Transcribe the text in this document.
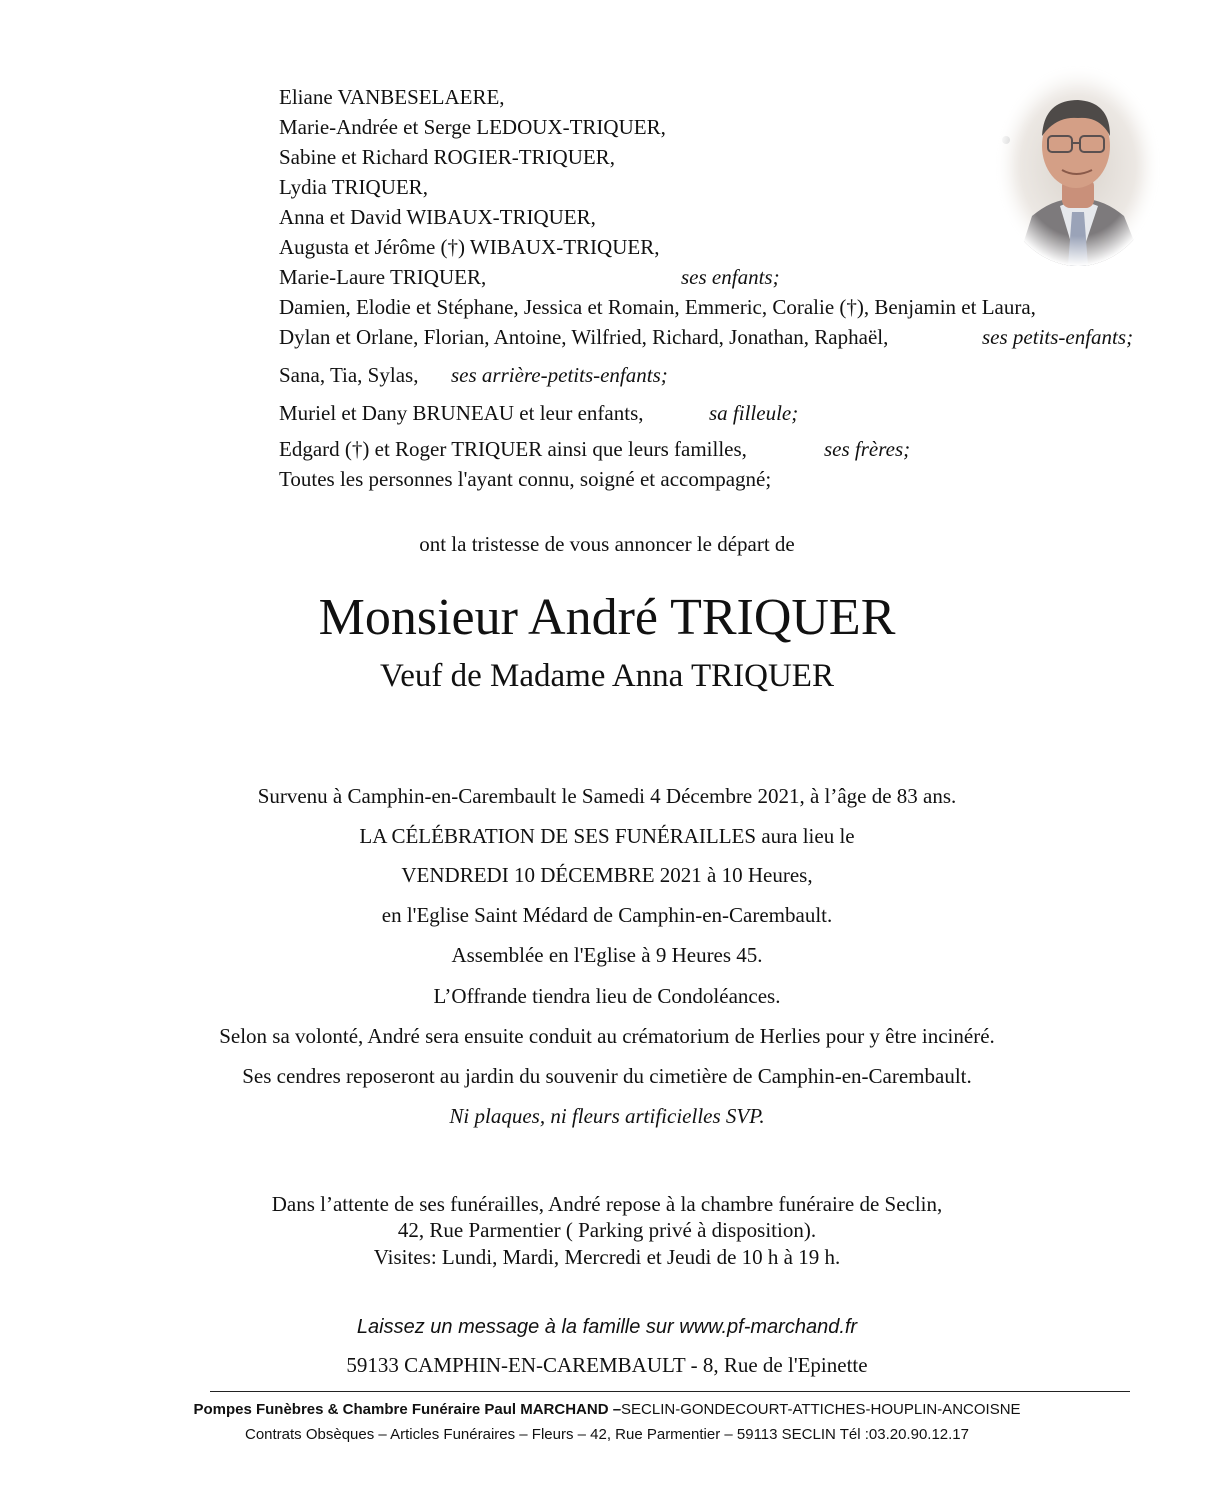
Eliane VANBESELAERE,
Marie-Andrée et Serge LEDOUX-TRIQUER,
Sabine et Richard ROGIER-TRIQUER,
Lydia TRIQUER,
Anna et David WIBAUX-TRIQUER,
Augusta et Jérôme (†) WIBAUX-TRIQUER,
Marie-Laure TRIQUER,	ses enfants;
Damien, Elodie et Stéphane, Jessica et Romain, Emmeric, Coralie (†), Benjamin et Laura,
Dylan et Orlane, Florian, Antoine, Wilfried, Richard, Jonathan, Raphaël,	ses petits-enfants;
Sana, Tia, Sylas, ses arrière-petits-enfants;
Muriel et Dany BRUNEAU et leur enfants,	sa filleule;
Edgard (†) et Roger TRIQUER ainsi que leurs familles,	ses frères;
Toutes les personnes l'ayant connu, soigné et accompagné;
ont la tristesse de vous annoncer le départ de
Monsieur André TRIQUER
Veuf de Madame Anna TRIQUER
Survenu à Camphin-en-Carembault le Samedi 4 Décembre 2021, à l’âge de 83 ans.
LA CÉLÉBRATION DE SES FUNÉRAILLES aura lieu le
VENDREDI 10 DÉCEMBRE 2021 à 10 Heures,
en l'Eglise Saint Médard de Camphin-en-Carembault.
Assemblée en l'Eglise à 9 Heures 45.
L’Offrande tiendra lieu de Condoléances.
Selon sa volonté, André sera ensuite conduit au crématorium de Herlies pour y être incinéré.
Ses cendres reposeront au jardin du souvenir du cimetière de Camphin-en-Carembault.
Ni plaques, ni fleurs artificielles SVP.
Dans l’attente de ses funérailles, André repose à la chambre funéraire de Seclin,
42, Rue Parmentier ( Parking privé à disposition).
Visites: Lundi, Mardi, Mercredi et Jeudi de 10 h à 19 h.
Laissez un message à la famille sur www.pf-marchand.fr
59133 CAMPHIN-EN-CAREMBAULT - 8, Rue de l'Epinette
Pompes Funèbres & Chambre Funéraire Paul MARCHAND –SECLIN-GONDECOURT-ATTICHES-HOUPLIN-ANCOISNE
Contrats Obsèques – Articles Funéraires – Fleurs – 42, Rue Parmentier – 59113 SECLIN Tél :03.20.90.12.17
